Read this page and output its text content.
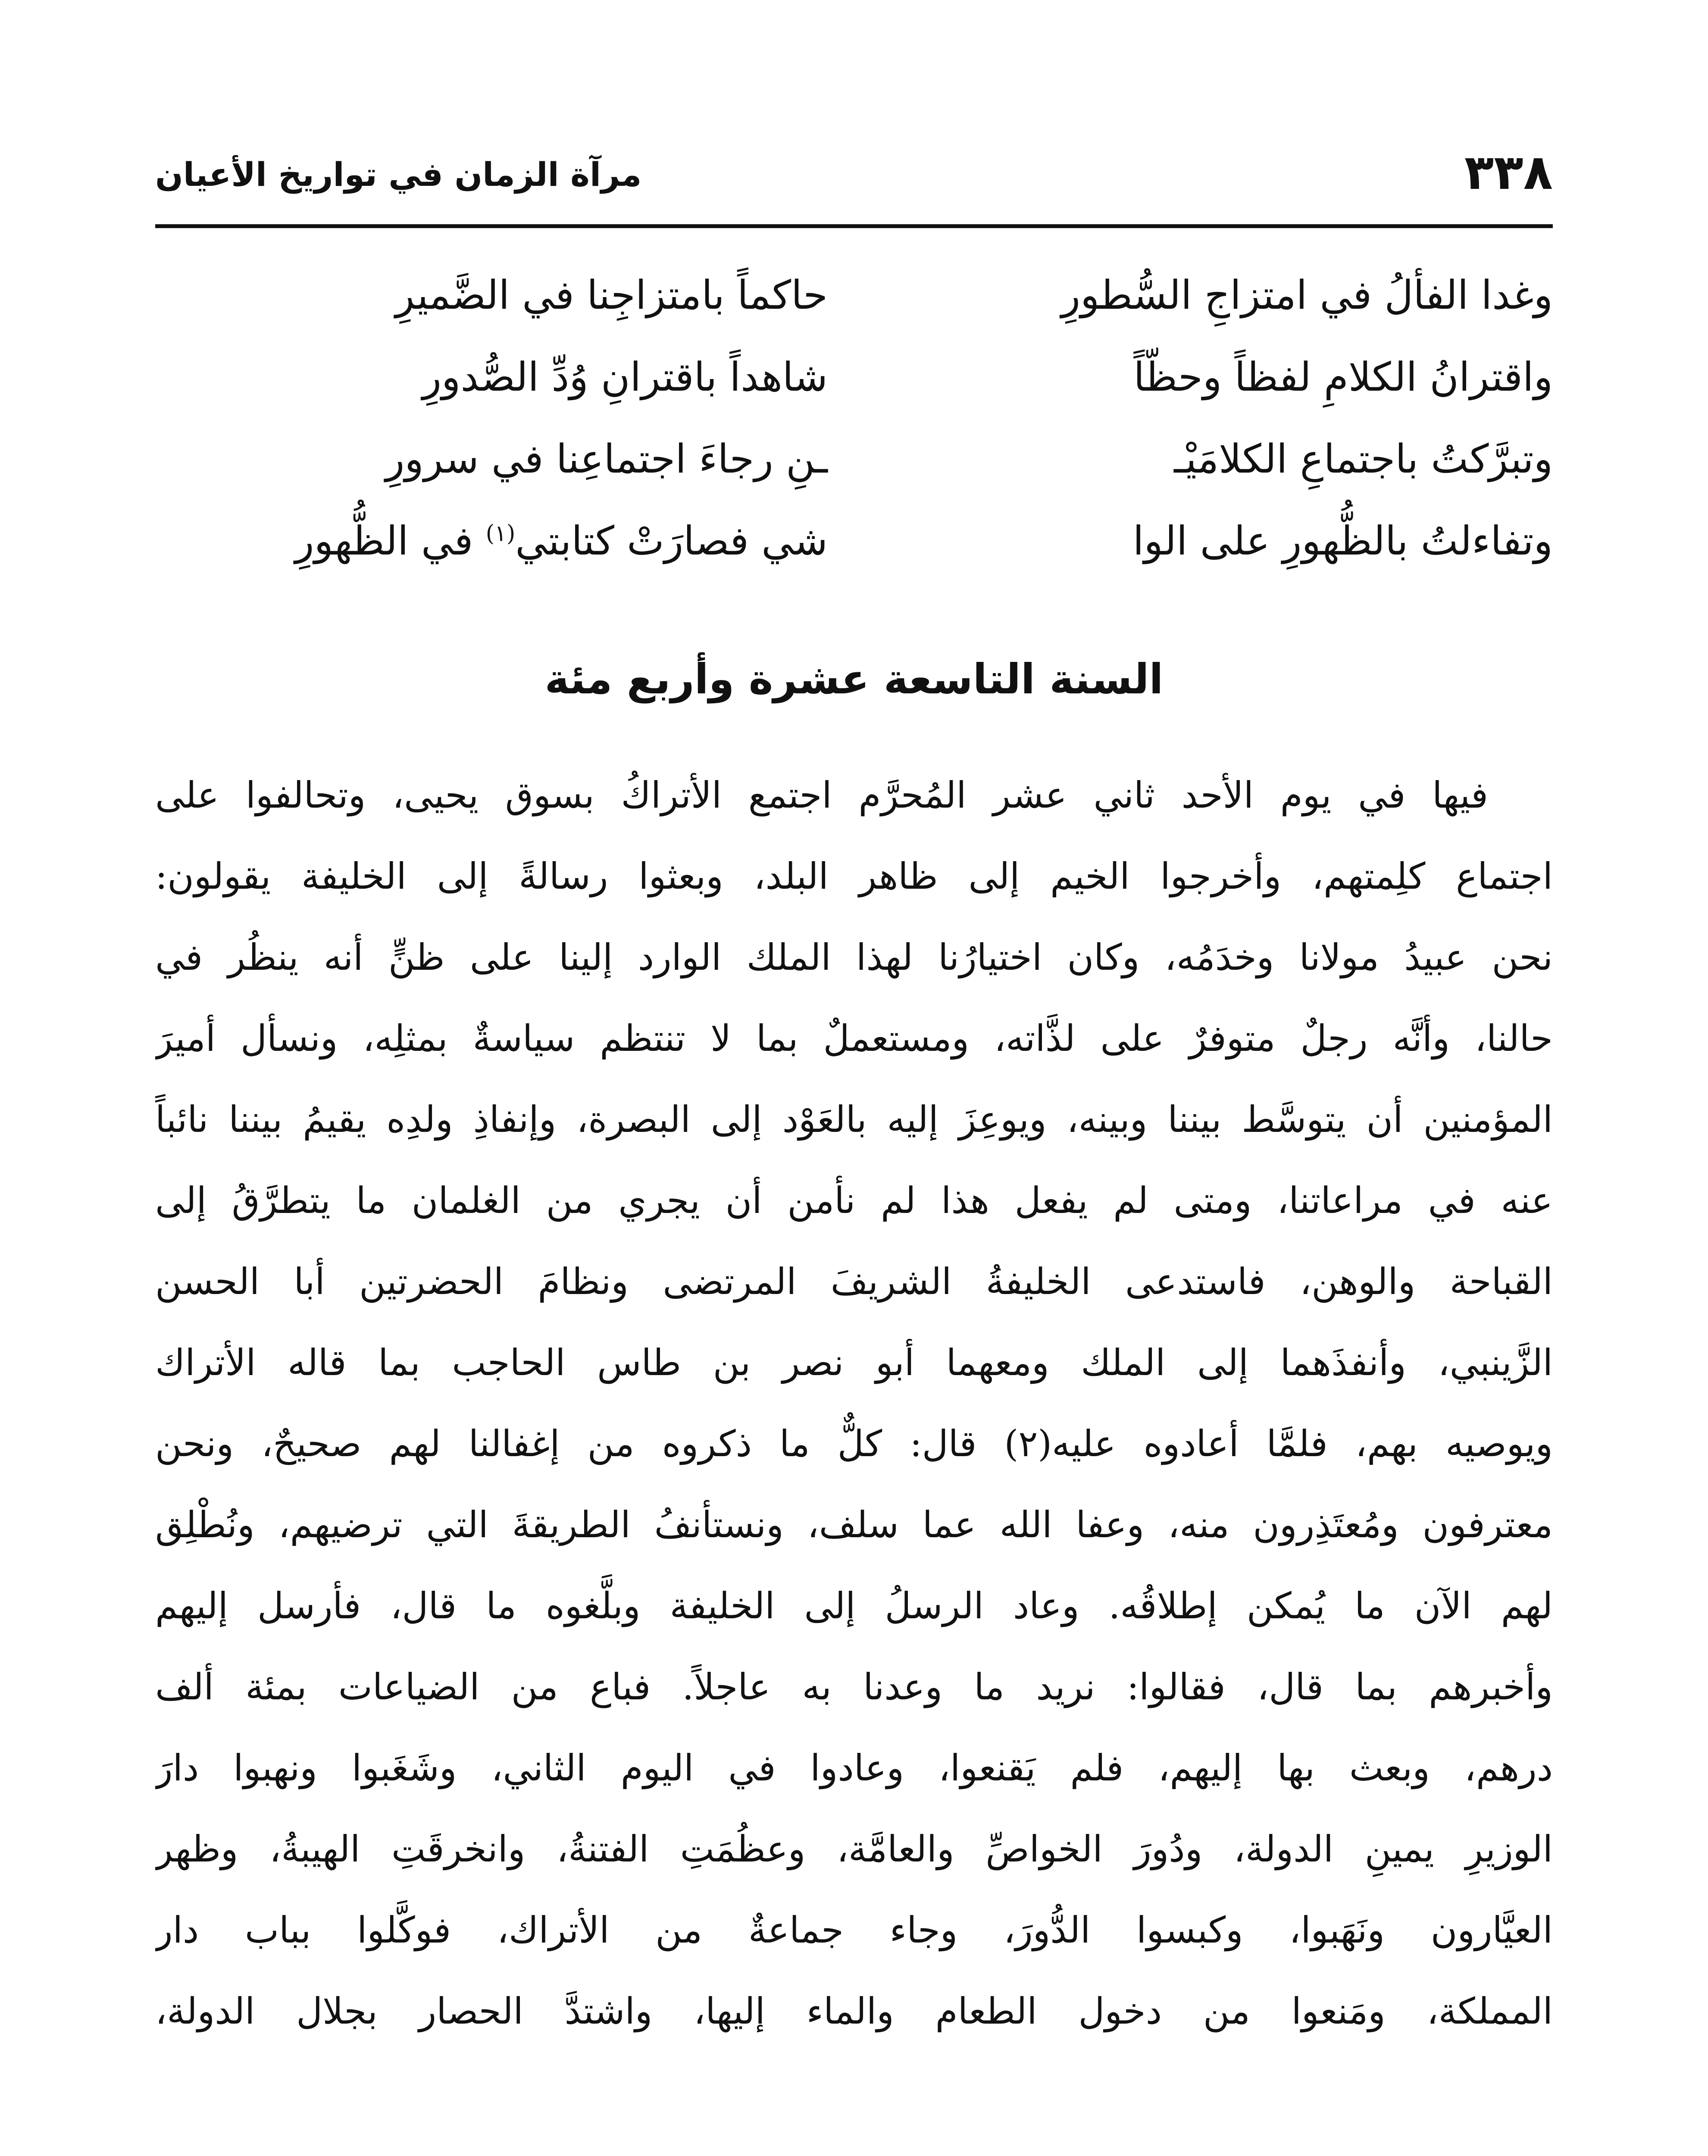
٣٣٨
مرآة الزمان في تواريخ الأعيان
وغدا الفألُ في امتزاجِ السُّطورِ
حاكماً بامتزاجِنا في الضَّميرِ
واقترانُ الكلامِ لفظاً وحظّاً
شاهداً باقترانِ وُدِّ الصُّدورِ
وتبرَّكتُ باجتماعِ الكلامَيْـ
ـنِ رجاءَ اجتماعِنا في سرورِ
وتفاءلتُ بالظُّهورِ على الوا
شي فصارَتْ كتابتي$^{(١)}$ في الظُّهورِ
السنة التاسعة عشرة وأربع مئة
فيها في يوم الأحد ثاني عشر المُحرَّم اجتمع الأتراكُ بسوق يحيى، وتحالفوا على
اجتماع كلِمتهم، وأخرجوا الخيم إلى ظاهر البلد، وبعثوا رسالةً إلى الخليفة يقولون:
نحن عبيدُ مولانا وخدَمُه، وكان اختيارُنا لهذا الملك الوارد إلينا على ظنٍّ أنه ينظُر في
حالنا، وأنَّه رجلٌ متوفرٌ على لذَّاته، ومستعملٌ بما لا تنتظم سياسةٌ بمثلِه، ونسأل أميرَ
المؤمنين أن يتوسَّط بيننا وبينه، ويوعِزَ إليه بالعَوْد إلى البصرة، وإنفاذِ ولدِه يقيمُ بيننا نائباً
عنه في مراعاتنا، ومتى لم يفعل هذا لم نأمن أن يجري من الغلمان ما يتطرَّقُ إلى
القباحة والوهن، فاستدعى الخليفةُ الشريفَ المرتضى ونظامَ الحضرتين أبا الحسن
الزَّينبي، وأنفذَهما إلى الملك ومعهما أبو نصر بن طاس الحاجب بما قاله الأتراك
ويوصيه بهم، فلمَّا أعادوه عليه(٢) قال: كلٌّ ما ذكروه من إغفالنا لهم صحيحٌ، ونحن
معترفون ومُعتَذِرون منه، وعفا الله عما سلف، ونستأنفُ الطريقةَ التي ترضيهم، ونُطْلِق
لهم الآن ما يُمكن إطلاقُه. وعاد الرسلُ إلى الخليفة وبلَّغوه ما قال، فأرسل إليهم
وأخبرهم بما قال، فقالوا: نريد ما وعدنا به عاجلاً. فباع من الضياعات بمئة ألف
درهم، وبعث بها إليهم، فلم يَقنعوا، وعادوا في اليوم الثاني، وشَغَبوا ونهبوا دارَ
الوزيرِ يمينِ الدولة، ودُورَ الخواصِّ والعامَّة، وعظُمَتِ الفتنةُ، وانخرقَتِ الهيبةُ، وظهر
العيَّارون ونَهَبوا، وكبسوا الدُّورَ، وجاء جماعةٌ من الأتراك، فوكَّلوا بباب دار
المملكة، ومَنعوا من دخول الطعام والماء إليها، واشتدَّ الحصار بجلال الدولة،
